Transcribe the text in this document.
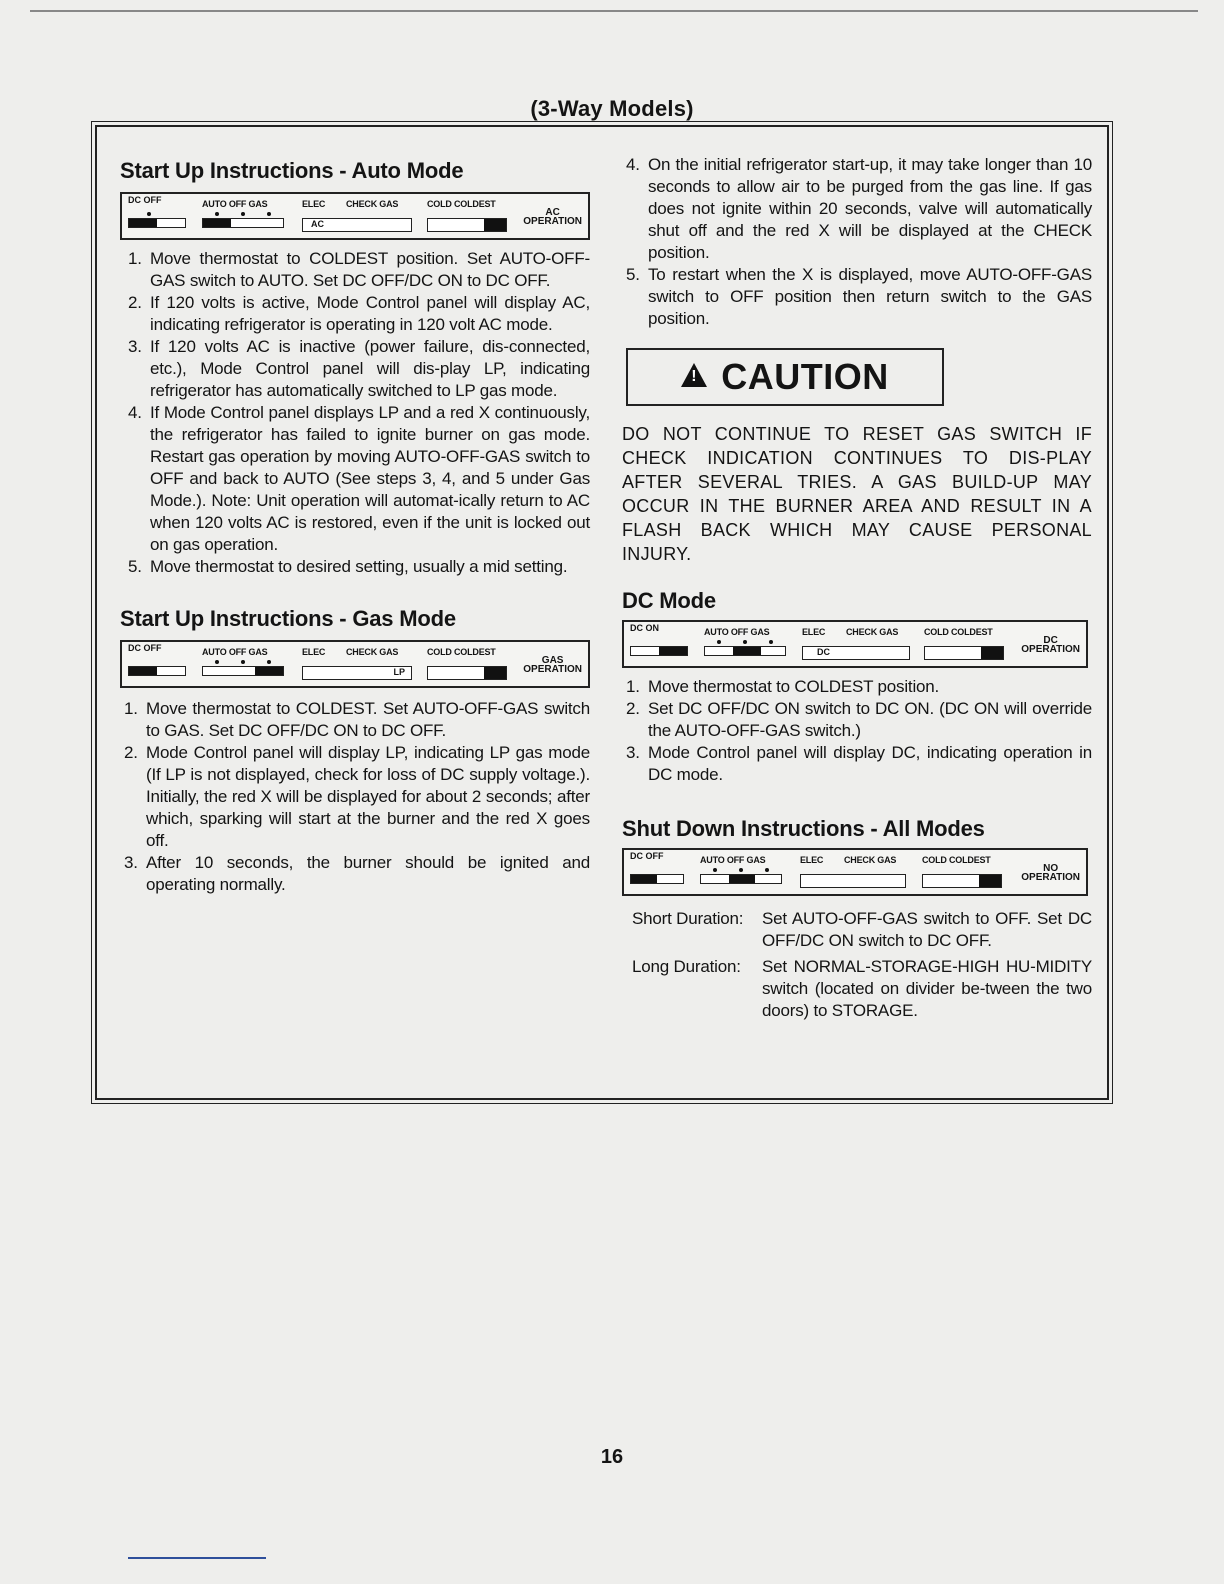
(3-Way Models)
Start Up Instructions - Auto Mode
DC OFF	AUTO OFF GAS	ELEC CHECK GAS	COLD COLDEST
AC
AC
OPERATION
1. Move thermostat to COLDEST position. Set AUTO-OFF-GAS switch to AUTO. Set DC OFF/DC ON to DC OFF.
2. If 120 volts is active, Mode Control panel will display AC, indicating refrigerator is operating in 120 volt AC mode.
3. If 120 volts AC is inactive (power failure, dis-connected, etc.), Mode Control panel will dis-play LP, indicating refrigerator has automatically switched to LP gas mode.
4. If Mode Control panel displays LP and a red X continuously, the refrigerator has failed to ignite burner on gas mode. Restart gas operation by moving AUTO-OFF-GAS switch to OFF and back to AUTO (See steps 3, 4, and 5 under Gas Mode.). Note: Unit operation will automat-ically return to AC when 120 volts AC is restored, even if the unit is locked out on gas operation.
5. Move thermostat to desired setting, usually a mid setting.
Start Up Instructions - Gas Mode
DC OFF	AUTO OFF GAS	ELEC CHECK GAS	COLD COLDEST
LP
GAS
OPERATION
1. Move thermostat to COLDEST. Set AUTO-OFF-GAS switch to GAS. Set DC OFF/DC ON to DC OFF.
2. Mode Control panel will display LP, indicating LP gas mode (If LP is not displayed, check for loss of DC supply voltage.). Initially, the red X will be displayed for about 2 seconds; after which, sparking will start at the burner and the red X goes off.
3. After 10 seconds, the burner should be ignited and operating normally.
4. On the initial refrigerator start-up, it may take longer than 10 seconds to allow air to be purged from the gas line. If gas does not ignite within 20 seconds, valve will automatically shut off and the red X will be displayed at the CHECK position.
5. To restart when the X is displayed, move AUTO-OFF-GAS switch to OFF position then return switch to the GAS position.
!
CAUTION
DO NOT CONTINUE TO RESET GAS SWITCH IF CHECK INDICATION CONTINUES TO DIS-PLAY AFTER SEVERAL TRIES. A GAS BUILD-UP MAY OCCUR IN THE BURNER AREA AND RESULT IN A FLASH BACK WHICH MAY CAUSE PERSONAL INJURY.
DC Mode
DC ON	AUTO OFF GAS	ELEC CHECK GAS	COLD COLDEST
DC
DC
OPERATION
1. Move thermostat to COLDEST position.
2. Set DC OFF/DC ON switch to DC ON. (DC ON will override the AUTO-OFF-GAS switch.)
3. Mode Control panel will display DC, indicating operation in DC mode.
Shut Down Instructions - All Modes
DC OFF	AUTO OFF GAS	ELEC CHECK GAS	COLD COLDEST
NO
OPERATION
Short Duration:	Set AUTO-OFF-GAS switch to OFF. Set DC OFF/DC ON switch to DC OFF.
Long Duration:	Set NORMAL-STORAGE-HIGH HU-MIDITY switch (located on divider be-tween the two doors) to STORAGE.
16
